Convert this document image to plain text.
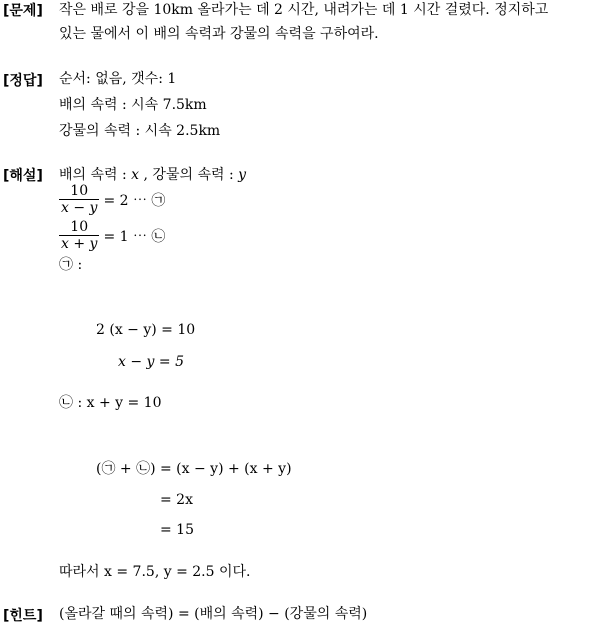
[문제] 작은 배로 강을 10km 올라가는 데 2 시간, 내려가는 데 1 시간 걸렸다. 정지하고
있는 물에서 이 배의 속력과 강물의 속력을 구하여라.
[정답] 순서: 없음, 갯수: 1
배의 속력 : 시속 7.5km
강물의 속력 : 시속 2.5km
[해설] 배의 속력 : x , 강물의 속력 : y
$\frac{10}{x - y} = 2$ ⋯ ㉠
$\frac{10}{x + y} = 1$ ⋯ ㉡
㉠ :
2 (x − y) = 10
x − y = 5
㉡ : x + y = 10
(㉠ + ㉡) = (x − y) + (x + y)
= 2x
= 15
따라서 x = 7.5, y = 2.5 이다.
[힌트] (올라갈 때의 속력) = (배의 속력) − (강물의 속력)
